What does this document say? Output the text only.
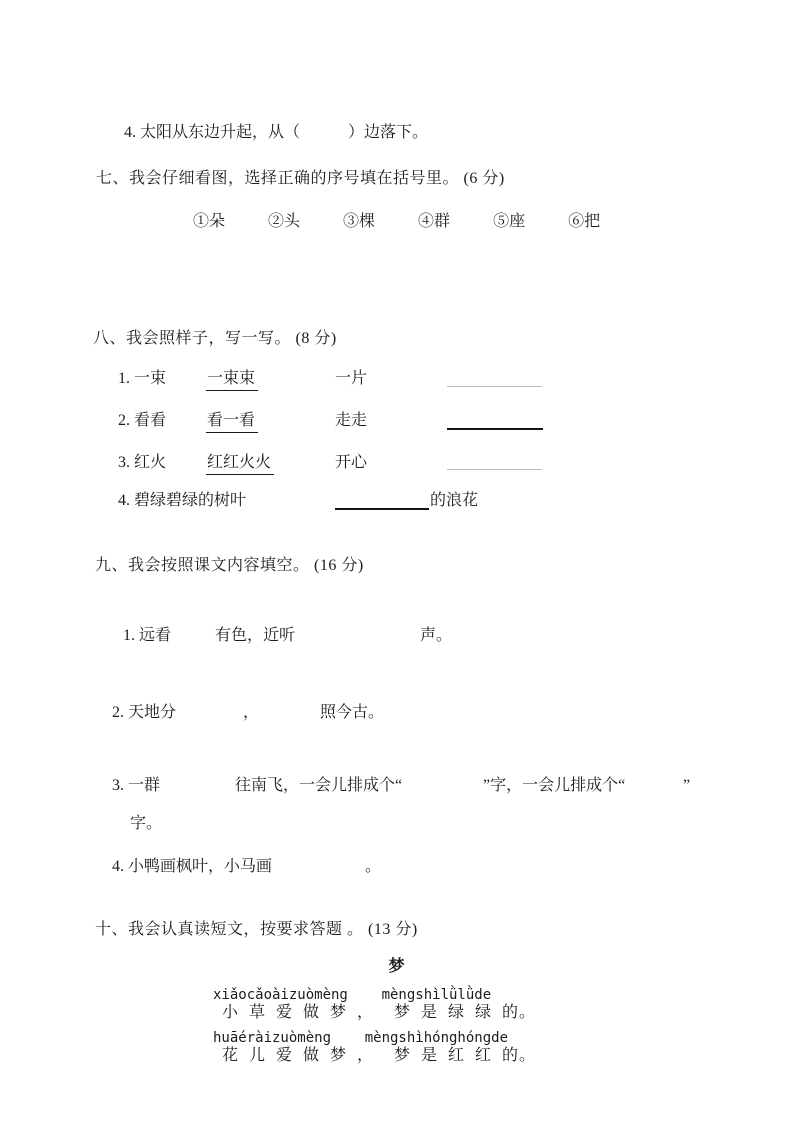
4. 太阳从东边升起，从（　　　）边落下。
七、我会仔细看图，选择正确的序号填在括号里。 (6 分)
①朵	②头	③棵	④群	⑤座	⑥把
八、我会照样子，写一写。 (8 分)
1. 一束	一束束	一片
2. 看看	看一看	走走
3. 红火	红红火火	开心
4. 碧绿碧绿的树叶	的浪花
九、我会按照课文内容填空。 (16 分)
1. 远看	有色，近听	声。
2. 天地分	，	照今古。
3. 一群	往南飞，一会儿排成个“	”字，一会儿排成个“	”
字。
4. 小鸭画枫叶，小马画	。
十、我会认真读短文，按要求答题 。 (13 分)
梦
xiǎocǎoàizuòmèng    mèngshìlǜlǜde
小 草 爱 做 梦 ，  梦 是 绿 绿 的。
huāéràizuòmèng    mèngshìhónghóngde
花 儿 爱 做 梦 ，  梦 是 红 红 的。
